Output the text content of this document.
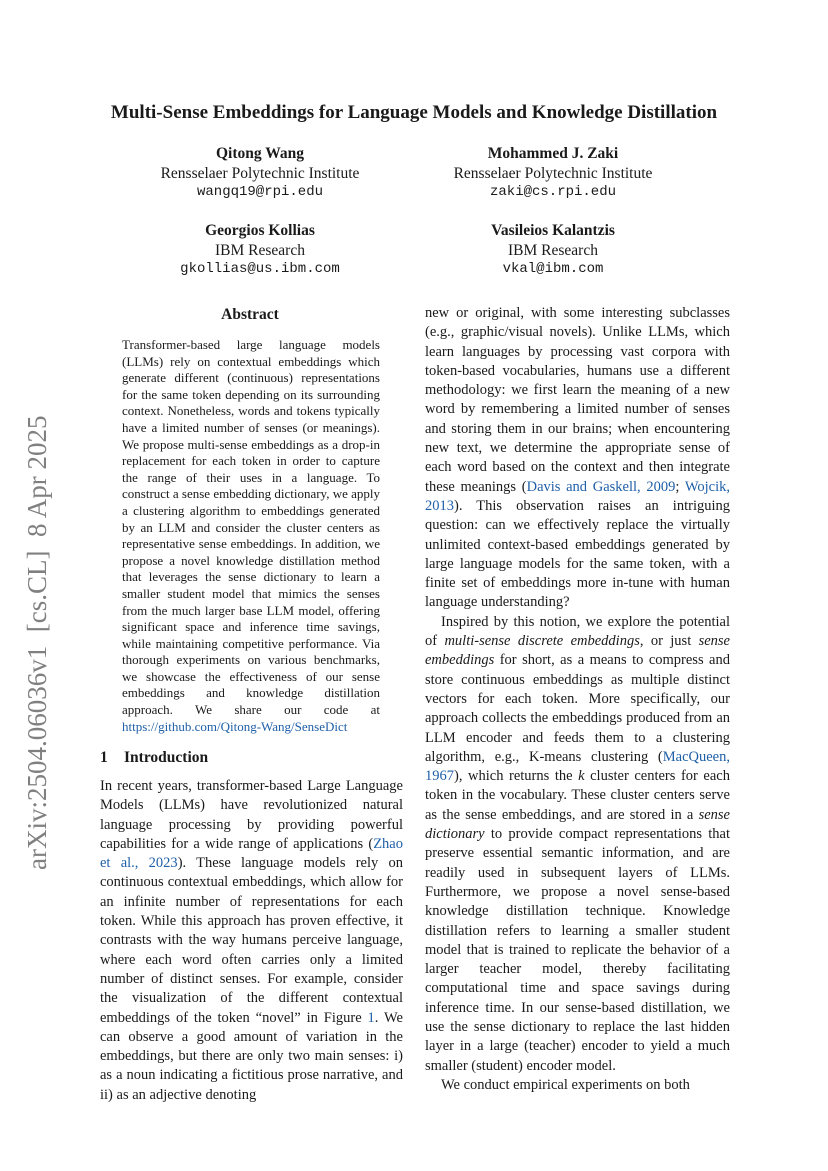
Multi-Sense Embeddings for Language Models and Knowledge Distillation
Qitong Wang
Rensselaer Polytechnic Institute
wangq19@rpi.edu
Mohammed J. Zaki
Rensselaer Polytechnic Institute
zaki@cs.rpi.edu
Georgios Kollias
IBM Research
gkollias@us.ibm.com
Vasileios Kalantzis
IBM Research
vkal@ibm.com
arXiv:2504.06036v1  [cs.CL]  8 Apr 2025
Abstract
Transformer-based large language models (LLMs) rely on contextual embeddings which generate different (continuous) representations for the same token depending on its surrounding context. Nonetheless, words and tokens typically have a limited number of senses (or meanings). We propose multi-sense embeddings as a drop-in replacement for each token in order to capture the range of their uses in a language. To construct a sense embedding dictionary, we apply a clustering algorithm to embeddings generated by an LLM and consider the cluster centers as representative sense embeddings. In addition, we propose a novel knowledge distillation method that leverages the sense dictionary to learn a smaller student model that mimics the senses from the much larger base LLM model, offering significant space and inference time savings, while maintaining competitive performance. Via thorough experiments on various benchmarks, we showcase the effectiveness of our sense embeddings and knowledge distillation approach. We share our code at https://github.com/Qitong-Wang/SenseDict
1 Introduction

In recent years, transformer-based Large Language Models (LLMs) have revolutionized natural language processing by providing powerful capabilities for a wide range of applications (Zhao et al., 2023). These language models rely on continuous contextual embeddings, which allow for an infinite number of representations for each token. While this approach has proven effective, it contrasts with the way humans perceive language, where each word often carries only a limited number of distinct senses. For example, consider the visualization of the different contextual embeddings of the token “novel” in Figure 1. We can observe a good amount of variation in the embeddings, but there are only two main senses: i) as a noun indicating a fictitious prose narrative, and ii) as an adjective denoting

new or original, with some interesting subclasses (e.g., graphic/visual novels). Unlike LLMs, which learn languages by processing vast corpora with token-based vocabularies, humans use a different methodology: we first learn the meaning of a new word by remembering a limited number of senses and storing them in our brains; when encountering new text, we determine the appropriate sense of each word based on the context and then integrate these meanings (Davis and Gaskell, 2009; Wojcik, 2013). This observation raises an intriguing question: can we effectively replace the virtually unlimited context-based embeddings generated by large language models for the same token, with a finite set of embeddings more in-tune with human language understanding?

Inspired by this notion, we explore the potential of multi-sense discrete embeddings, or just sense embeddings for short, as a means to compress and store continuous embeddings as multiple distinct vectors for each token. More specifically, our approach collects the embeddings produced from an LLM encoder and feeds them to a clustering algorithm, e.g., K-means clustering (MacQueen, 1967), which returns the k cluster centers for each token in the vocabulary. These cluster centers serve as the sense embeddings, and are stored in a sense dictionary to provide compact representations that preserve essential semantic information, and are readily used in subsequent layers of LLMs. Furthermore, we propose a novel sense-based knowledge distillation technique. Knowledge distillation refers to learning a smaller student model that is trained to replicate the behavior of a larger teacher model, thereby facilitating computational time and space savings during inference time. In our sense-based distillation, we use the sense dictionary to replace the last hidden layer in a large (teacher) encoder to yield a much smaller (student) encoder model.

We conduct empirical experiments on both
